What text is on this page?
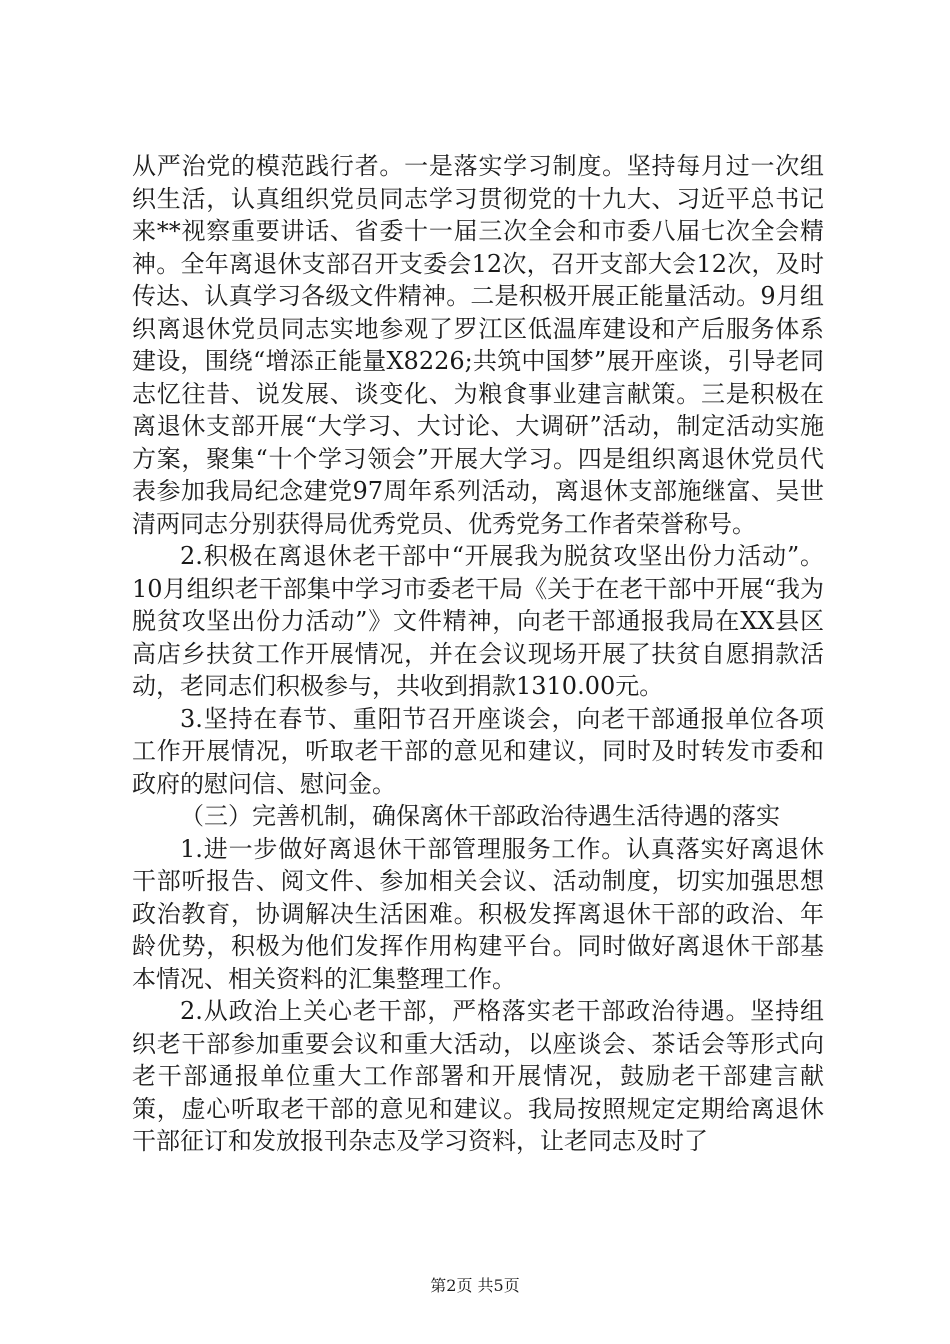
从严治党的模范践行者。一是落实学习制度。坚持每月过一次组织生活，认真组织党员同志学习贯彻党的十九大、习近平总书记来**视察重要讲话、省委十一届三次全会和市委八届七次全会精神。全年离退休支部召开支委会12次，召开支部大会12次，及时传达、认真学习各级文件精神。二是积极开展正能量活动。9月组织离退休党员同志实地参观了罗江区低温库建设和产后服务体系建设，围绕“增添正能量X8226;共筑中国梦”展开座谈，引导老同志忆往昔、说发展、谈变化、为粮食事业建言献策。三是积极在离退休支部开展“大学习、大讨论、大调研”活动，制定活动实施方案，聚集“十个学习领会”开展大学习。四是组织离退休党员代表参加我局纪念建党97周年系列活动，离退休支部施继富、吴世清两同志分别获得局优秀党员、优秀党务工作者荣誉称号。

2.积极在离退休老干部中“开展我为脱贫攻坚出份力活动”。10月组织老干部集中学习市委老干局《关于在老干部中开展“我为脱贫攻坚出份力活动”》文件精神，向老干部通报我局在XX县区高店乡扶贫工作开展情况，并在会议现场开展了扶贫自愿捐款活动，老同志们积极参与，共收到捐款1310.00元。

3.坚持在春节、重阳节召开座谈会，向老干部通报单位各项工作开展情况，听取老干部的意见和建议，同时及时转发市委和政府的慰问信、慰问金。

（三）完善机制，确保离休干部政治待遇生活待遇的落实

1.进一步做好离退休干部管理服务工作。认真落实好离退休干部听报告、阅文件、参加相关会议、活动制度，切实加强思想政治教育，协调解决生活困难。积极发挥离退休干部的政治、年龄优势，积极为他们发挥作用构建平台。同时做好离退休干部基本情况、相关资料的汇集整理工作。

2.从政治上关心老干部，严格落实老干部政治待遇。坚持组织老干部参加重要会议和重大活动，以座谈会、茶话会等形式向老干部通报单位重大工作部署和开展情况，鼓励老干部建言献策，虚心听取老干部的意见和建议。我局按照规定定期给离退休干部征订和发放报刊杂志及学习资料，让老同志及时了

第2页 共5页
